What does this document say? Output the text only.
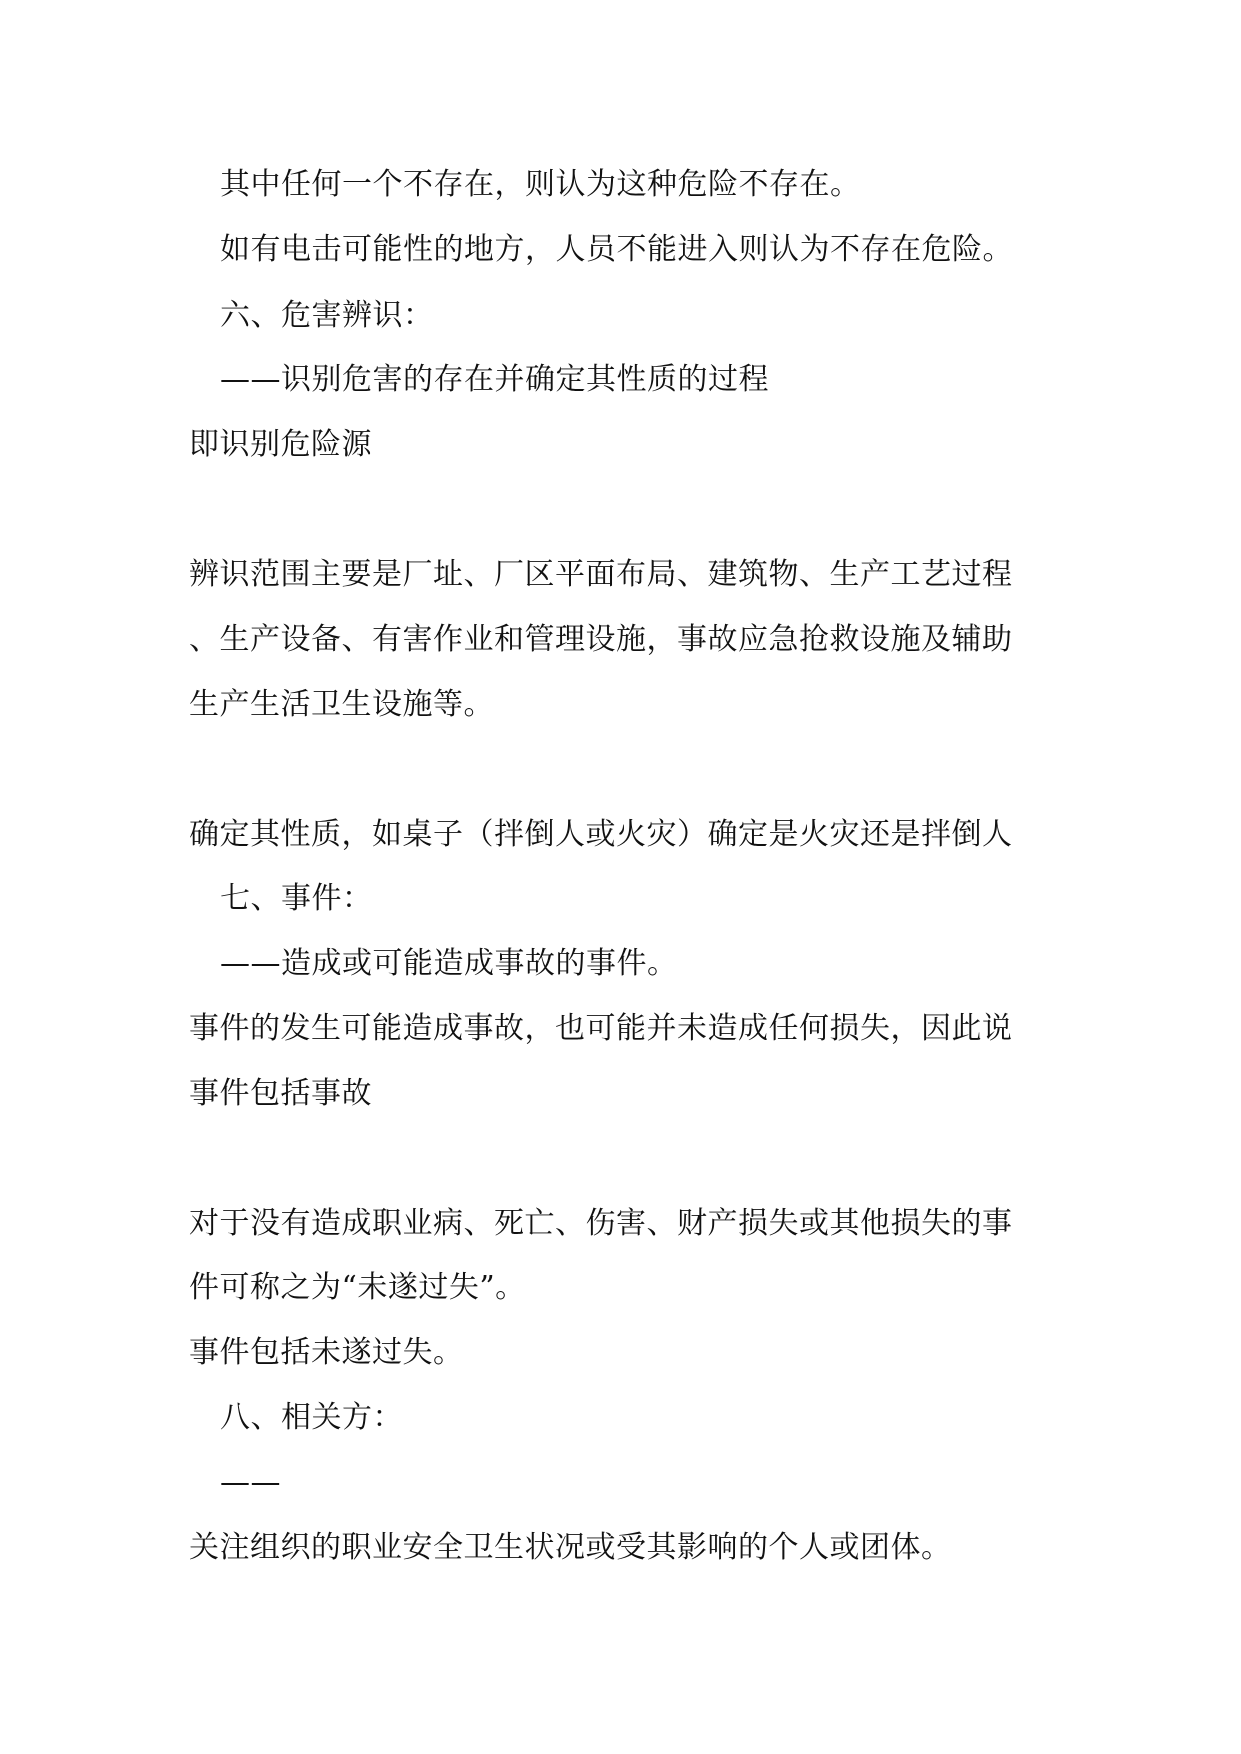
其中任何一个不存在，则认为这种危险不存在。
如有电击可能性的地方，人员不能进入则认为不存在危险。
六、危害辨识：
——识别危害的存在并确定其性质的过程
即识别危险源
辨识范围主要是厂址、厂区平面布局、建筑物、生产工艺过程
、生产设备、有害作业和管理设施，事故应急抢救设施及辅助
生产生活卫生设施等。
确定其性质，如桌子（拌倒人或火灾）确定是火灾还是拌倒人
七、事件：
——造成或可能造成事故的事件。
事件的发生可能造成事故，也可能并未造成任何损失，因此说
事件包括事故
对于没有造成职业病、死亡、伤害、财产损失或其他损失的事
件可称之为“未遂过失”。
事件包括未遂过失。
八、相关方：
——
关注组织的职业安全卫生状况或受其影响的个人或团体。
